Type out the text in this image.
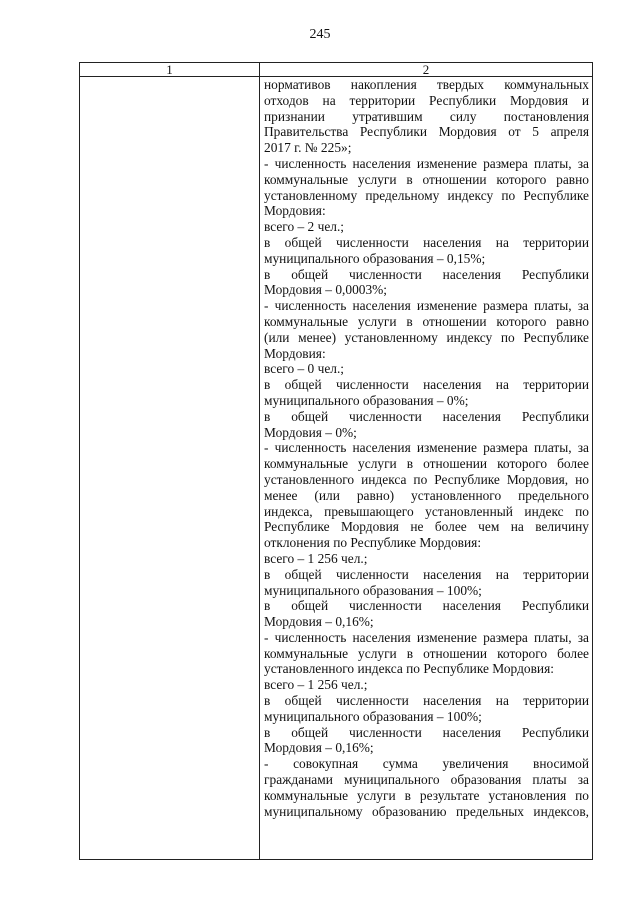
245
1	2

нормативов накопления твердых коммунальных
отходов на территории Республики Мордовия и
признании утратившим силу постановления
Правительства Республики Мордовия от 5 апреля
2017 г. № 225»;
- численность населения изменение размера платы, за
коммунальные услуги в отношении которого равно
установленному предельному индексу по Республике
Мордовия:
всего – 2 чел.;
в общей численности населения на территории
муниципального образования – 0,15%;
в общей численности населения Республики
Мордовия – 0,0003%;
- численность населения изменение размера платы, за
коммунальные услуги в отношении которого равно
(или менее) установленному индексу по Республике
Мордовия:
всего – 0 чел.;
в общей численности населения на территории
муниципального образования – 0%;
в общей численности населения Республики
Мордовия – 0%;
- численность населения изменение размера платы, за
коммунальные услуги в отношении которого более
установленного индекса по Республике Мордовия, но
менее (или равно) установленного предельного
индекса, превышающего установленный индекс по
Республике Мордовия не более чем на величину
отклонения по Республике Мордовия:
всего – 1 256 чел.;
в общей численности населения на территории
муниципального образования – 100%;
в общей численности населения Республики
Мордовия – 0,16%;
- численность населения изменение размера платы, за
коммунальные услуги в отношении которого более
установленного индекса по Республике Мордовия:
всего – 1 256 чел.;
в общей численности населения на территории
муниципального образования – 100%;
в общей численности населения Республики
Мордовия – 0,16%;
- совокупная сумма увеличения вносимой
гражданами муниципального образования платы за
коммунальные услуги в результате установления по
муниципальному образованию предельных индексов,
